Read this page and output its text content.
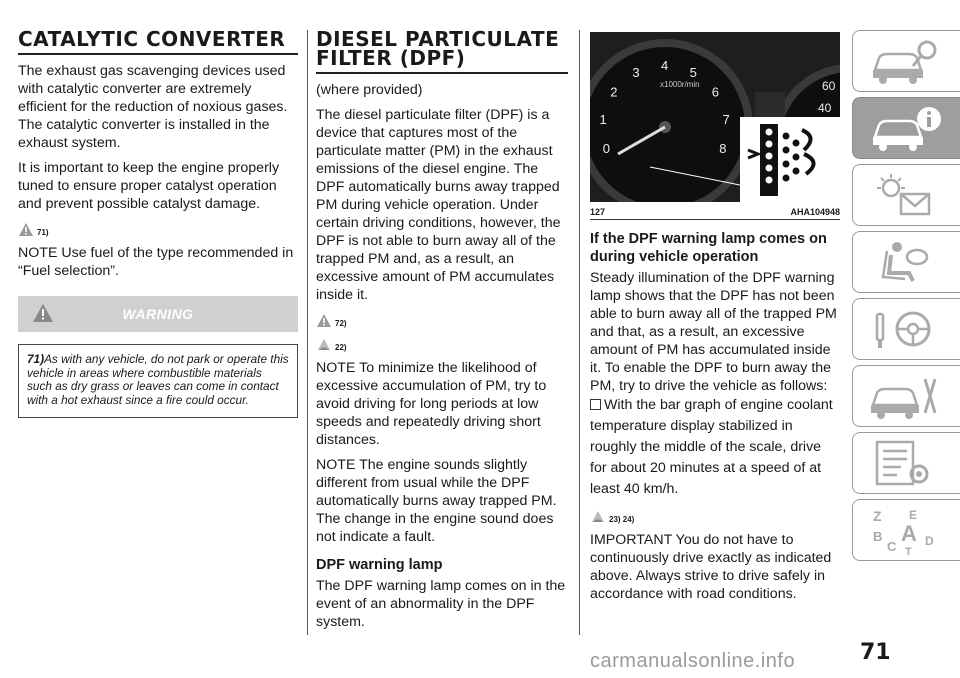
CATALYTIC CONVERTER

The exhaust gas scavenging devices used with catalytic converter are extremely efficient for the reduction of noxious gases. The catalytic converter is installed in the exhaust system.

It is important to keep the engine properly tuned to ensure proper catalyst operation and prevent possible catalyst damage.

71)

NOTE Use fuel of the type recommended in “Fuel selection”.

WARNING

71)As with any vehicle, do not park or operate this vehicle in areas where combustible materials such as dry grass or leaves can come in contact with a hot exhaust since a fire could occur.

DIESEL PARTICULATE FILTER (DPF)

(where provided)

The diesel particulate filter (DPF) is a device that captures most of the particulate matter (PM) in the exhaust emissions of the diesel engine. The DPF automatically burns away trapped PM during vehicle operation. Under certain driving conditions, however, the DPF is not able to burn away all of the trapped PM and, as a result, an excessive amount of PM accumulates inside it.

72)
22)

NOTE To minimize the likelihood of excessive accumulation of PM, try to avoid driving for long periods at low speeds and repeatedly driving short distances.

NOTE The engine sounds slightly different from usual while the DPF automatically burns away trapped PM. The change in the engine sound does not indicate a fault.

DPF warning lamp

The DPF warning lamp comes on in the event of an abnormality in the DPF system.

x1000r/min
0
1
2
3 4 5
6
7
8
60
40
127	AHA104948
If the DPF warning lamp comes on during vehicle operation

Steady illumination of the DPF warning lamp shows that the DPF has not been able to burn away all of the trapped PM and that, as a result, an excessive amount of PM has accumulated inside it. To enable the DPF to burn away the PM, try to drive the vehicle as follows:

With the bar graph of engine coolant temperature display stabilized in roughly the middle of the scale, drive for about 20 minutes at a speed of at least 40 km/h.

23) 24)

IMPORTANT You do not have to continuously drive exactly as indicated above. Always strive to drive safely in accordance with road conditions.

Z E
B A
C D
T
71
carmanualsonline.info
